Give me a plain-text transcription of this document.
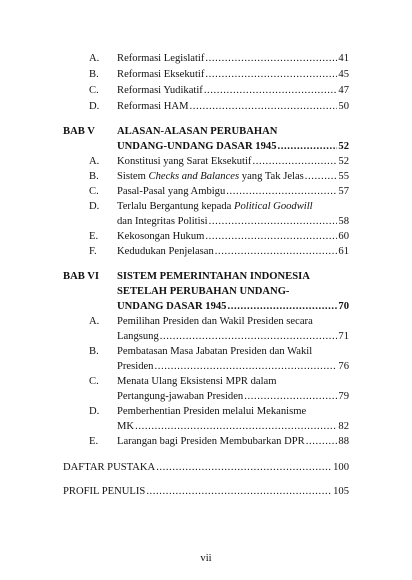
A. Reformasi Legislatif .....	41
B. Reformasi Eksekutif .....	45
C. Reformasi Yudikatif .....	47
D. Reformasi HAM .....	50
BAB V ALASAN-ALASAN PERUBAHAN
UNDANG-UNDANG DASAR 1945 .....	52
A. Konstitusi yang Sarat Eksekutif .....	52
B. Sistem Checks and Balances yang Tak Jelas .....	55
C. Pasal-Pasal yang Ambigu .....	57
D. Terlalu Bergantung kepada Political Goodwill
dan Integritas Politisi .....	58
E. Kekosongan Hukum .....	60
F. Kedudukan Penjelasan .....	61
BAB VI SISTEM PEMERINTAHAN INDONESIA
SETELAH PERUBAHAN UNDANG-
UNDANG DASAR 1945 .....	70
A. Pemilihan Presiden dan Wakil Presiden secara
Langsung .....	71
B. Pembatasan Masa Jabatan Presiden dan Wakil
Presiden .....	76
C. Menata Ulang Eksistensi MPR dalam
Pertangung-jawaban Presiden .....	79
D. Pemberhentian Presiden melalui Mekanisme
MK .....	82
E. Larangan bagi Presiden Membubarkan DPR .....	88
DAFTAR PUSTAKA .....	100
PROFIL PENULIS .....	105
vii
